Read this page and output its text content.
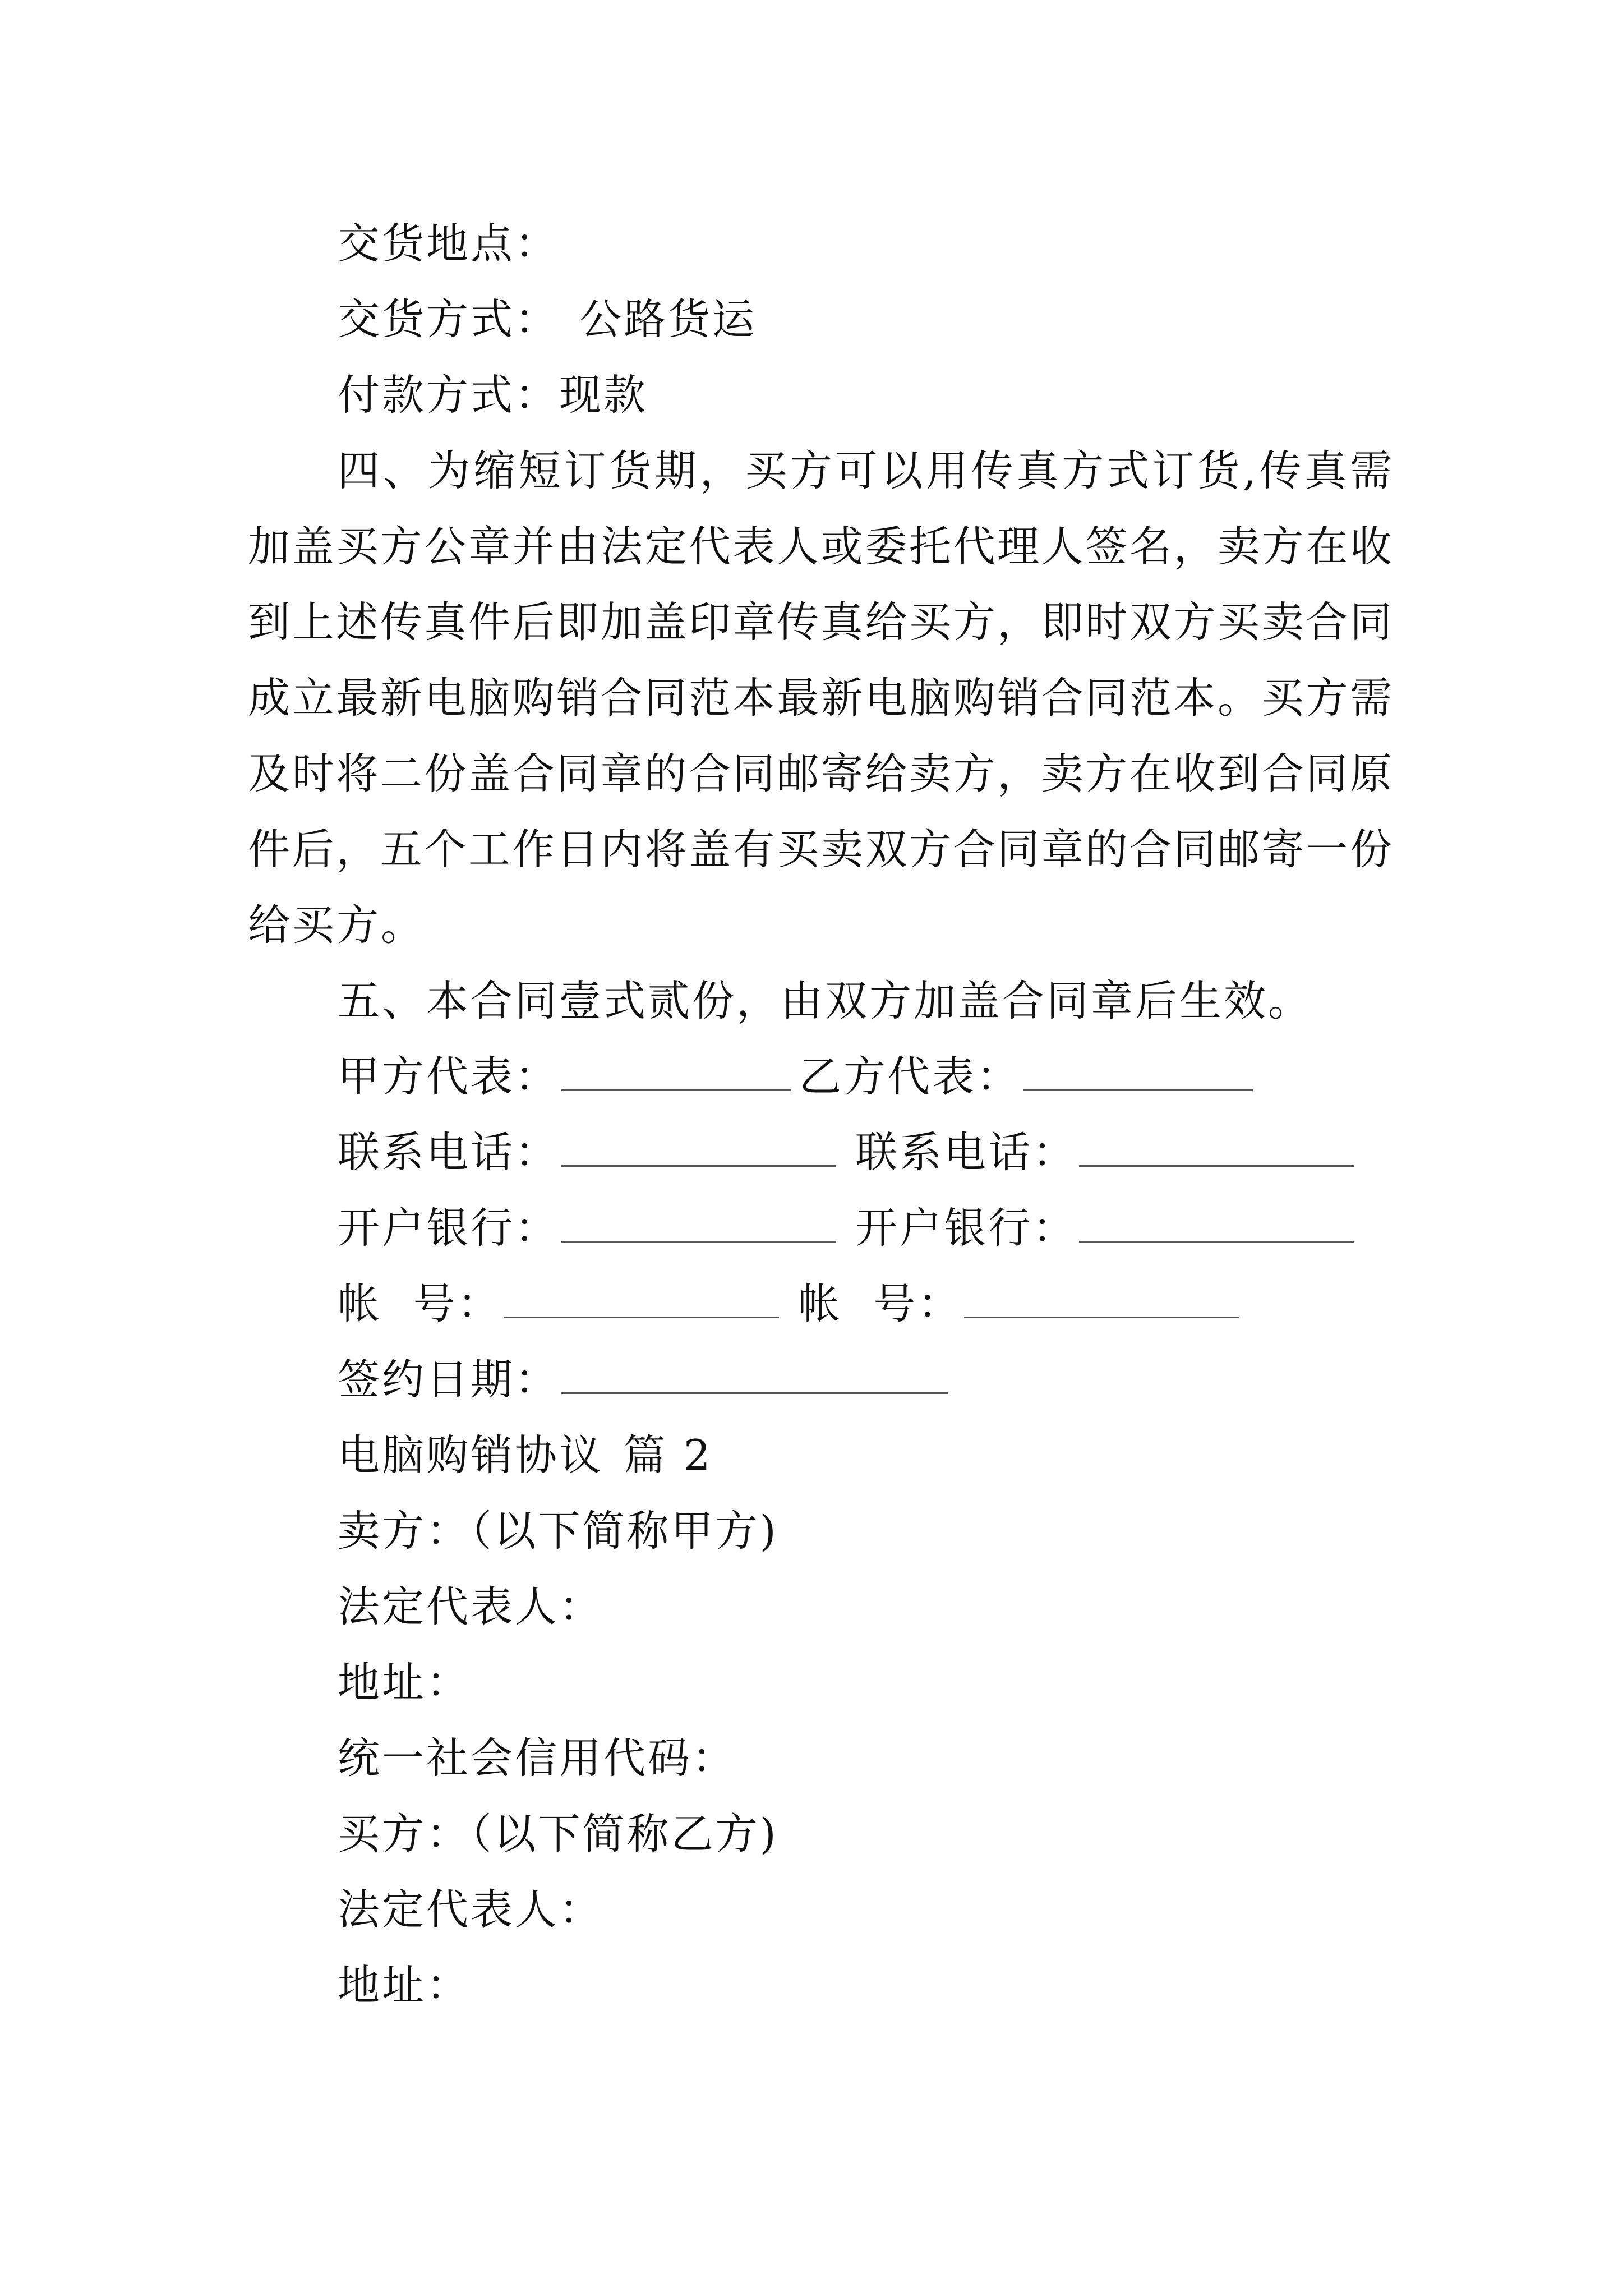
交货地点：
交货方式： 公路货运
付款方式：现款
四、为缩短订货期，买方可以用传真方式订货,传真需
加盖买方公章并由法定代表人或委托代理人签名，卖方在收
到上述传真件后即加盖印章传真给买方，即时双方买卖合同
成立最新电脑购销合同范本最新电脑购销合同范本。买方需
及时将二份盖合同章的合同邮寄给卖方，卖方在收到合同原
件后，五个工作日内将盖有买卖双方合同章的合同邮寄一份
给买方。
五、本合同壹式贰份，由双方加盖合同章后生效。
甲方代表：	乙方代表：
联系电话：	联系电话：
开户银行：	开户银行：
帐  号：	帐  号：
签约日期：
电脑购销协议 篇 2
卖方：（以下简称甲方)
法定代表人：
地址：
统一社会信用代码：
买方：（以下简称乙方)
法定代表人：
地址：
